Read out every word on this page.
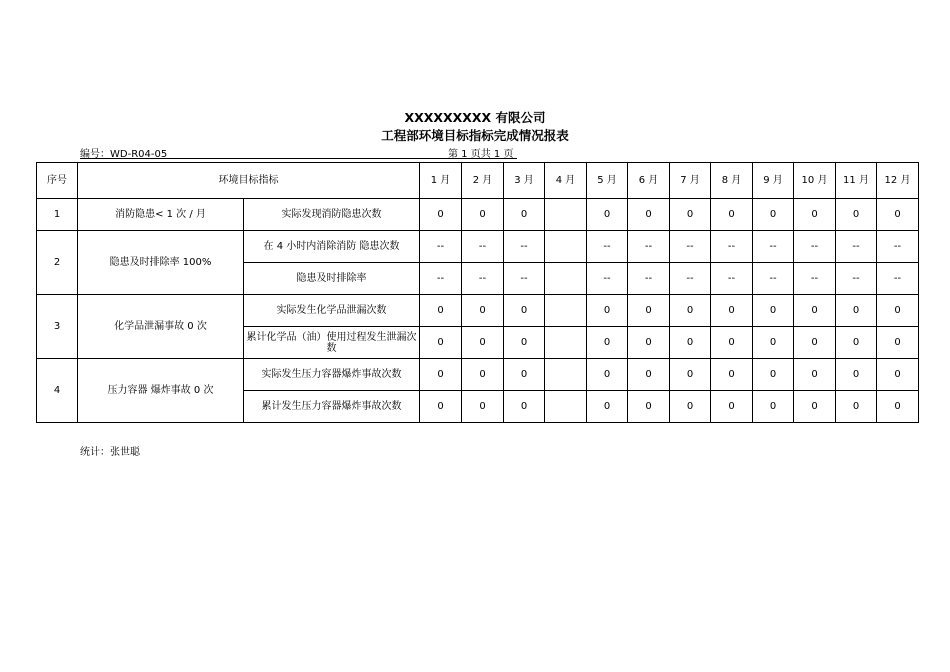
XXXXXXXXX 有限公司
工程部环境目标指标完成情况报表
编号：WD-R04-05	第 1 页共 1 页
序号	环境目标指标		1 月	2 月	3 月	4 月	5 月	6 月	7 月	8 月	9 月	10 月	11 月	12 月
1	消防隐患< 1 次 / 月	实际发现消防隐患次数	0	0	0		0	0	0	0	0	0	0	0
2	隐患及时排除率 100%	在 4 小时内消除消防 隐患次数	--	--	--		--	--	--	--	--	--	--	--
		隐患及时排除率	--	--	--		--	--	--	--	--	--	--	--
3	化学品泄漏事故 0 次	实际发生化学品泄漏次数	0	0	0		0	0	0	0	0	0	0	0
		累计化学品（油）使用过程发生泄漏次数	0	0	0		0	0	0	0	0	0	0	0
4	压力容器 爆炸事故 0 次	实际发生压力容器爆炸事故次数	0	0	0		0	0	0	0	0	0	0	0
		累计发生压力容器爆炸事故次数	0	0	0		0	0	0	0	0	0	0	0
统计：张世聪
